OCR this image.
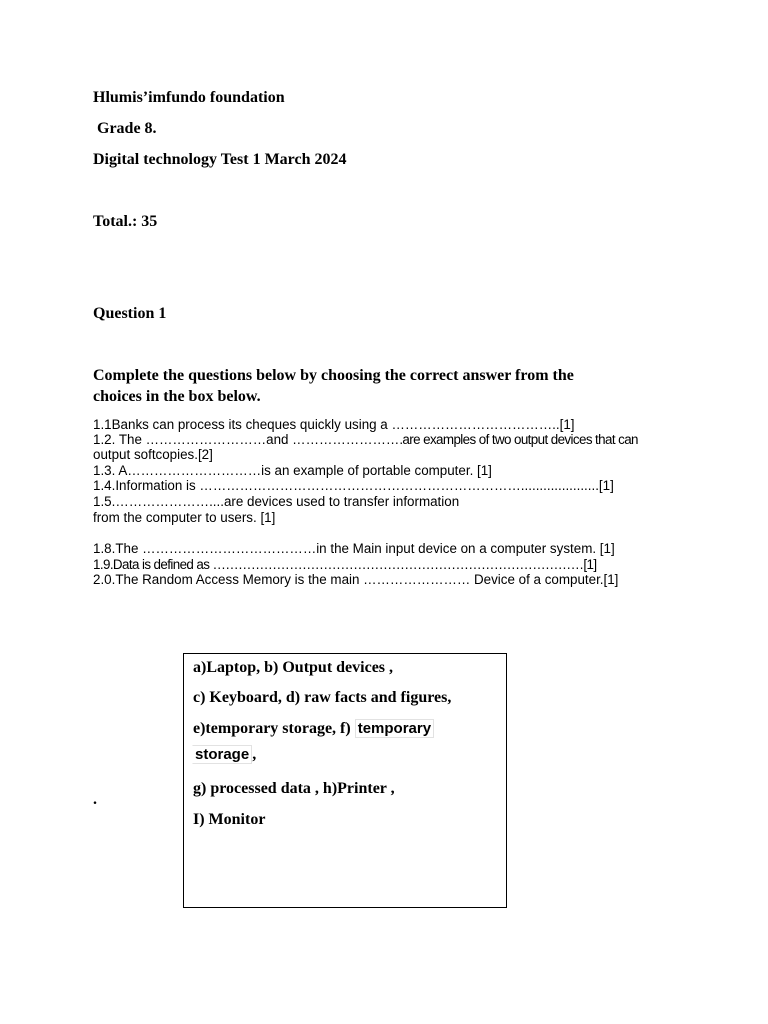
Hlumis’imfundo foundation
Grade 8.
Digital technology Test 1 March 2024
Total.: 35
Question 1
Complete the questions below by choosing the correct answer from the
choices in the box below.
1.1Banks can process its cheques quickly using a ………………………………..[1]
1.2. The ………………………and …………………….are examples of two output devices that can
output softcopies.[2]
1.3. A…………………………is an example of portable computer. [1]
1.4.Information is ……………………………………………………………….....................[1]
1.5.…………………....are devices used to transfer information
from the computer to users. [1]
1.8.The …………………………………in the Main input device on a computer system. [1]
1.9.Data is defined as ……………………………………………………………………………[1]
2.0.The Random Access Memory is the main …………………… Device of a computer.[1]
.
a)Laptop, b) Output devices ,
c) Keyboard, d) raw facts and figures,
e)temporary storage, f) temporary
storage ,
g) processed data , h)Printer ,
I) Monitor
